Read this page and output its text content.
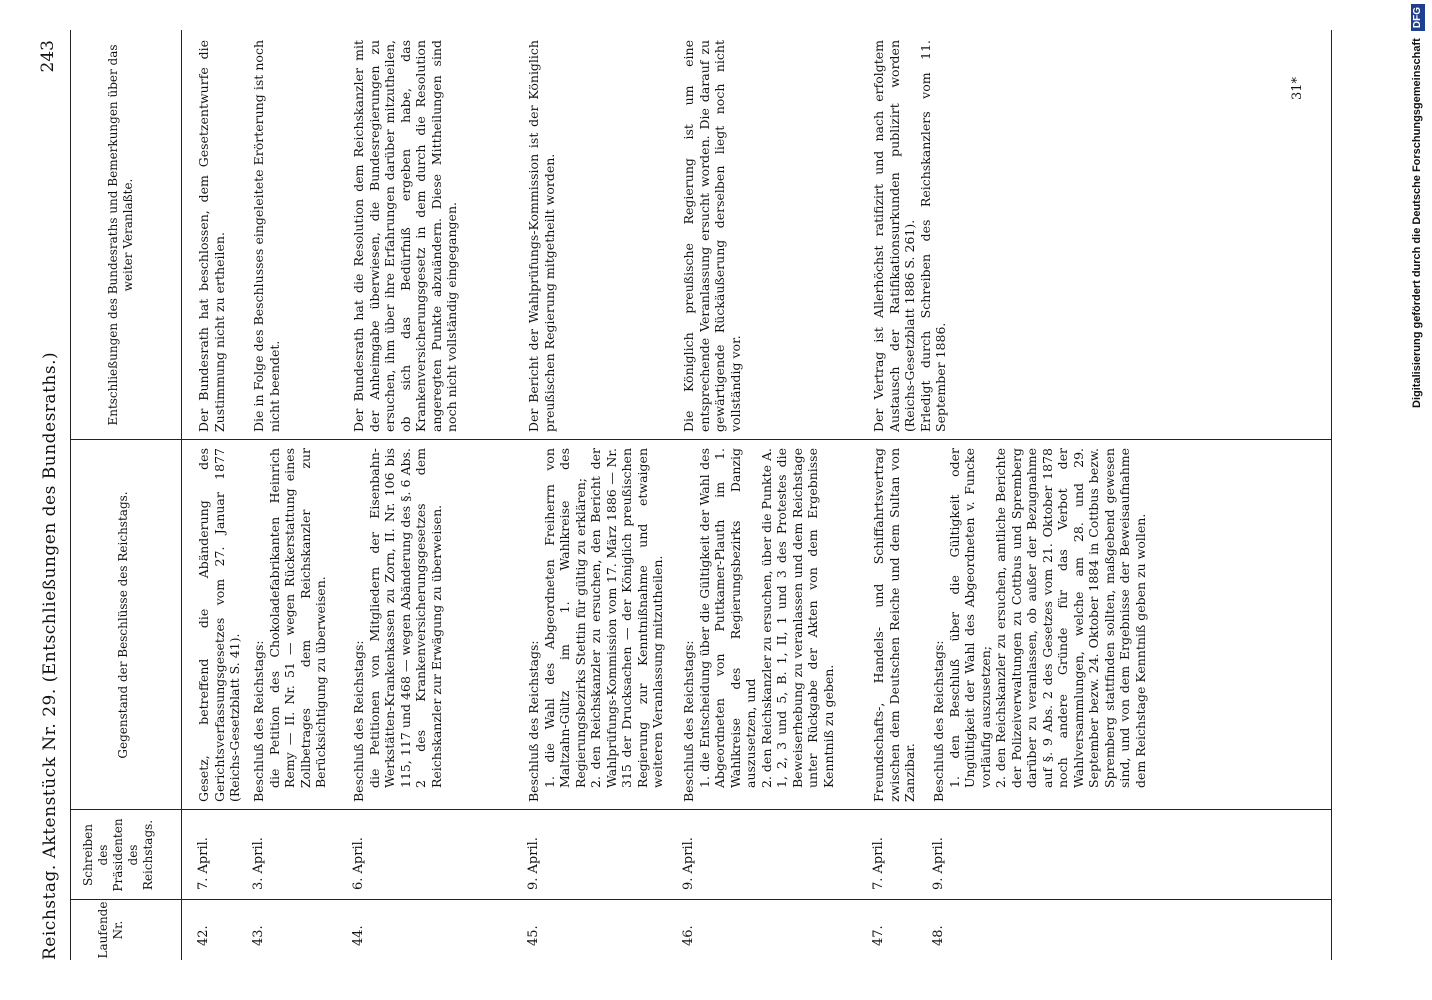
Reichstag. Aktenstück Nr. 29. (Entschließungen des Bundesraths.)
243
Laufende Nr.
Schreiben des Präsidenten des Reichstags.
Gegenstand der Beschlüsse des Reichstags.
Entschließungen des Bundesraths und Bemerkungen über das weiter Veranlaßte.
42.
7. April.

Gesetz, betreffend die Abänderung des Gerichtsverfassungsgesetzes vom 27. Januar 1877 (Reichs-Gesetzblatt S. 41).

Der Bundesrath hat beschlossen, dem Gesetzentwurfe die Zustimmung nicht zu ertheilen.

43.
3. April.

Beschluß des Reichstags: die Petition des Chokoladefabrikanten Heinrich Remy — II. Nr. 51 — wegen Rückerstattung eines Zollbetrages dem Reichskanzler zur Berücksichtigung zu überweisen.

Die in Folge des Beschlusses eingeleitete Erörterung ist noch nicht beendet.

44.
6. April.

Beschluß des Reichstags: die Petitionen von Mitgliedern der Eisenbahn-Werkstätten-Krankenkassen zu Zorn, II. Nr. 106 bis 115, 117 und 468 — wegen Abänderung des §. 6 Abs. 2 des Krankenversicherungsgesetzes dem Reichskanzler zur Erwägung zu überweisen.

Der Bundesrath hat die Resolution dem Reichskanzler mit der Anheimgabe überwiesen, die Bundesregierungen zu ersuchen, ihm über ihre Erfahrungen darüber mitzutheilen, ob sich das Bedürfniß ergeben habe, das Krankenversicherungsgesetz in dem durch die Resolution angeregten Punkte abzuändern. Diese Mittheilungen sind noch nicht vollständig eingegangen.

45.
9. April.

Beschluß des Reichstags: 1. die Wahl des Abgeordneten Freiherrn von Maltzahn-Gültz im 1. Wahlkreise des Regierungsbezirks Stettin für gültig zu erklären; 2. den Reichskanzler zu ersuchen, den Bericht der Wahlprüfungs-Kommission vom 17. März 1886 — Nr. 315 der Drucksachen — der Königlich preußischen Regierung zur Kenntnißnahme und etwaigen weiteren Veranlassung mitzutheilen.

Der Bericht der Wahlprüfungs-Kommission ist der Königlich preußischen Regierung mitgetheilt worden.

46.
9. April.

Beschluß des Reichstags: 1. die Entscheidung über die Gültigkeit der Wahl des Abgeordneten von Puttkamer-Plauth im 1. Wahlkreise des Regierungsbezirks Danzig auszusetzen, und 2. den Reichskanzler zu ersuchen, über die Punkte A. 1, 2, 3 und 5, B. 1, II, 1 und 3 des Protestes die Beweiserhebung zu veranlassen und dem Reichstage unter Rückgabe der Akten von dem Ergebnisse Kenntniß zu geben.

Die Königlich preußische Regierung ist um eine entsprechende Veranlassung ersucht worden. Die darauf zu gewärtigende Rückäußerung derselben liegt noch nicht vollständig vor.

47.
7. April.

Freundschafts-, Handels- und Schiffahrtsvertrag zwischen dem Deutschen Reiche und dem Sultan von Zanzibar.

Der Vertrag ist Allerhöchst ratifizirt und nach erfolgtem Austausch der Ratifikationsurkunden publizirt worden (Reichs-Gesetzblatt 1886 S. 261). Erledigt durch Schreiben des Reichskanzlers vom 11. September 1886.

48.
9. April.

Beschluß des Reichstags: 1. den Beschluß über die Gültigkeit oder Ungültigkeit der Wahl des Abgeordneten v. Funcke vorläufig auszusetzen; 2. den Reichskanzler zu ersuchen, amtliche Berichte der Polizeiverwaltungen zu Cottbus und Spremberg darüber zu veranlassen, ob außer der Bezugnahme auf §. 9 Abs. 2 des Gesetzes vom 21. Oktober 1878 noch andere Gründe für das Verbot der Wahlversammlungen, welche am 28. und 29. September bezw. 24. Oktober 1884 in Cottbus bezw. Spremberg stattfinden sollten, maßgebend gewesen sind, und von dem Ergebnisse der Beweisaufnahme dem Reichstage Kenntniß geben zu wollen.

31*	Digitalisierung gefördert durch die Deutsche Forschungsgemeinschaft DFG
